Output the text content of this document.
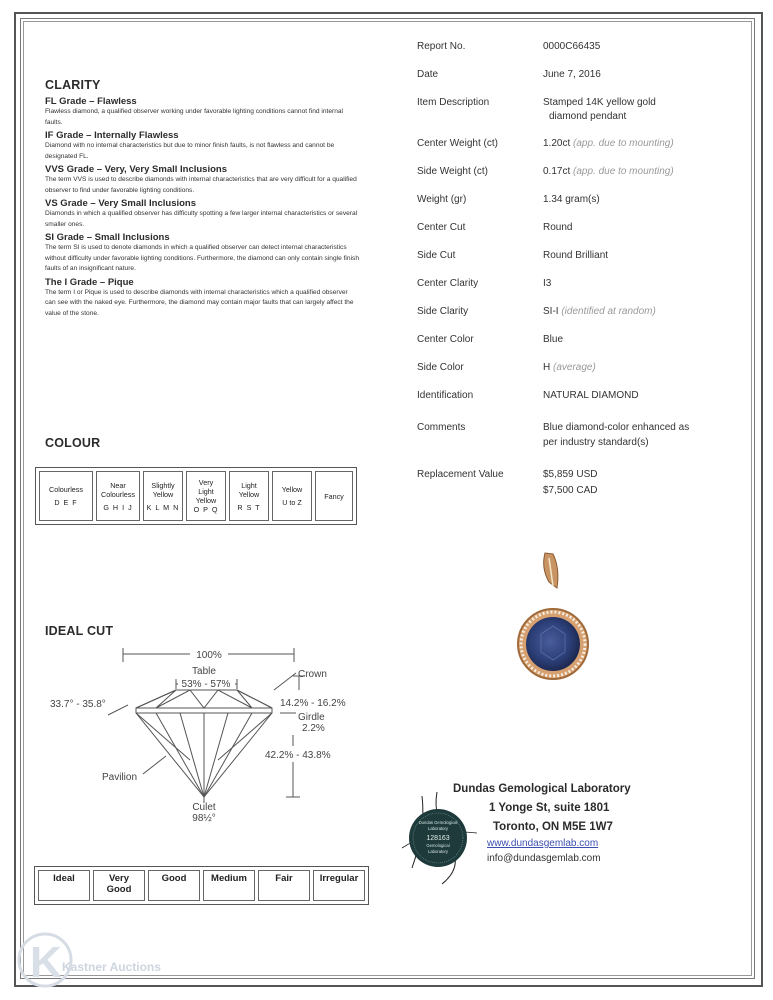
CLARITY
FL Grade – Flawless
Flawless diamond, a qualified observer working under favorable lighting conditions cannot find internal faults.
IF Grade – Internally Flawless
Diamond with no internal characteristics but due to minor finish faults, is not flawless and cannot be designated FL.
VVS Grade – Very, Very Small Inclusions
The term VVS is used to describe diamonds with internal characteristics that are very difficult for a qualified observer to find under favorable lighting conditions.
VS Grade – Very Small Inclusions
Diamonds in which a qualified observer has difficulty spotting a few larger internal characteristics or several smaller ones.
SI Grade – Small Inclusions
The term SI is used to denote diamonds in which a qualified observer can detect internal characteristics without difficulty under favorable lighting conditions. Furthermore, the diamond can only contain single finish faults of an insignificant nature.
The I Grade – Pique
The term I or Pique is used to describe diamonds with internal characteristics which a qualified observer can see with the naked eye. Furthermore, the diamond may contain major faults that can largely affect the value of the stone.
COLOUR
Colourless
D E F

Near
Colourless
G H I J

Slightly
Yellow
K L M N

Very
Light
Yellow
O P Q

Light
Yellow
R S T

Yellow
U to Z

Fancy
IDEAL CUT
100%
Table
53% - 57%
Crown
33.7° - 35.8°	14.2% - 16.2%
Girdle
2.2%
42.2% - 43.8%
Pavilion
Culet
98½°
Ideal	Very
Good

Good	Medium	Fair	Irregular
Report No.	0000C66435
Date	June 7, 2016
Item Description	Stamped 14K yellow gold
diamond pendant
Center Weight (ct)	1.20ct (app. due to mounting)
Side Weight (ct)	0.17ct (app. due to mounting)
Weight (gr)	1.34 gram(s)
Center Cut	Round
Side Cut	Round Brilliant
Center Clarity	I3
Side Clarity	SI-I (identified at random)
Center Color	Blue
Side Color	H (average)
Identification	NATURAL DIAMOND
Comments	Blue diamond-color enhanced as
per industry standard(s)
Replacement Value	$5,859 USD
$7,500 CAD
Dundas Gemological
Laboratory
128163
Gemological
Laboratory
Dundas Gemological Laboratory
1 Yonge St, suite 1801
Toronto, ON M5E 1W7
www.dundasgemlab.com
info@dundasgemlab.com
K Kastner Auctions
